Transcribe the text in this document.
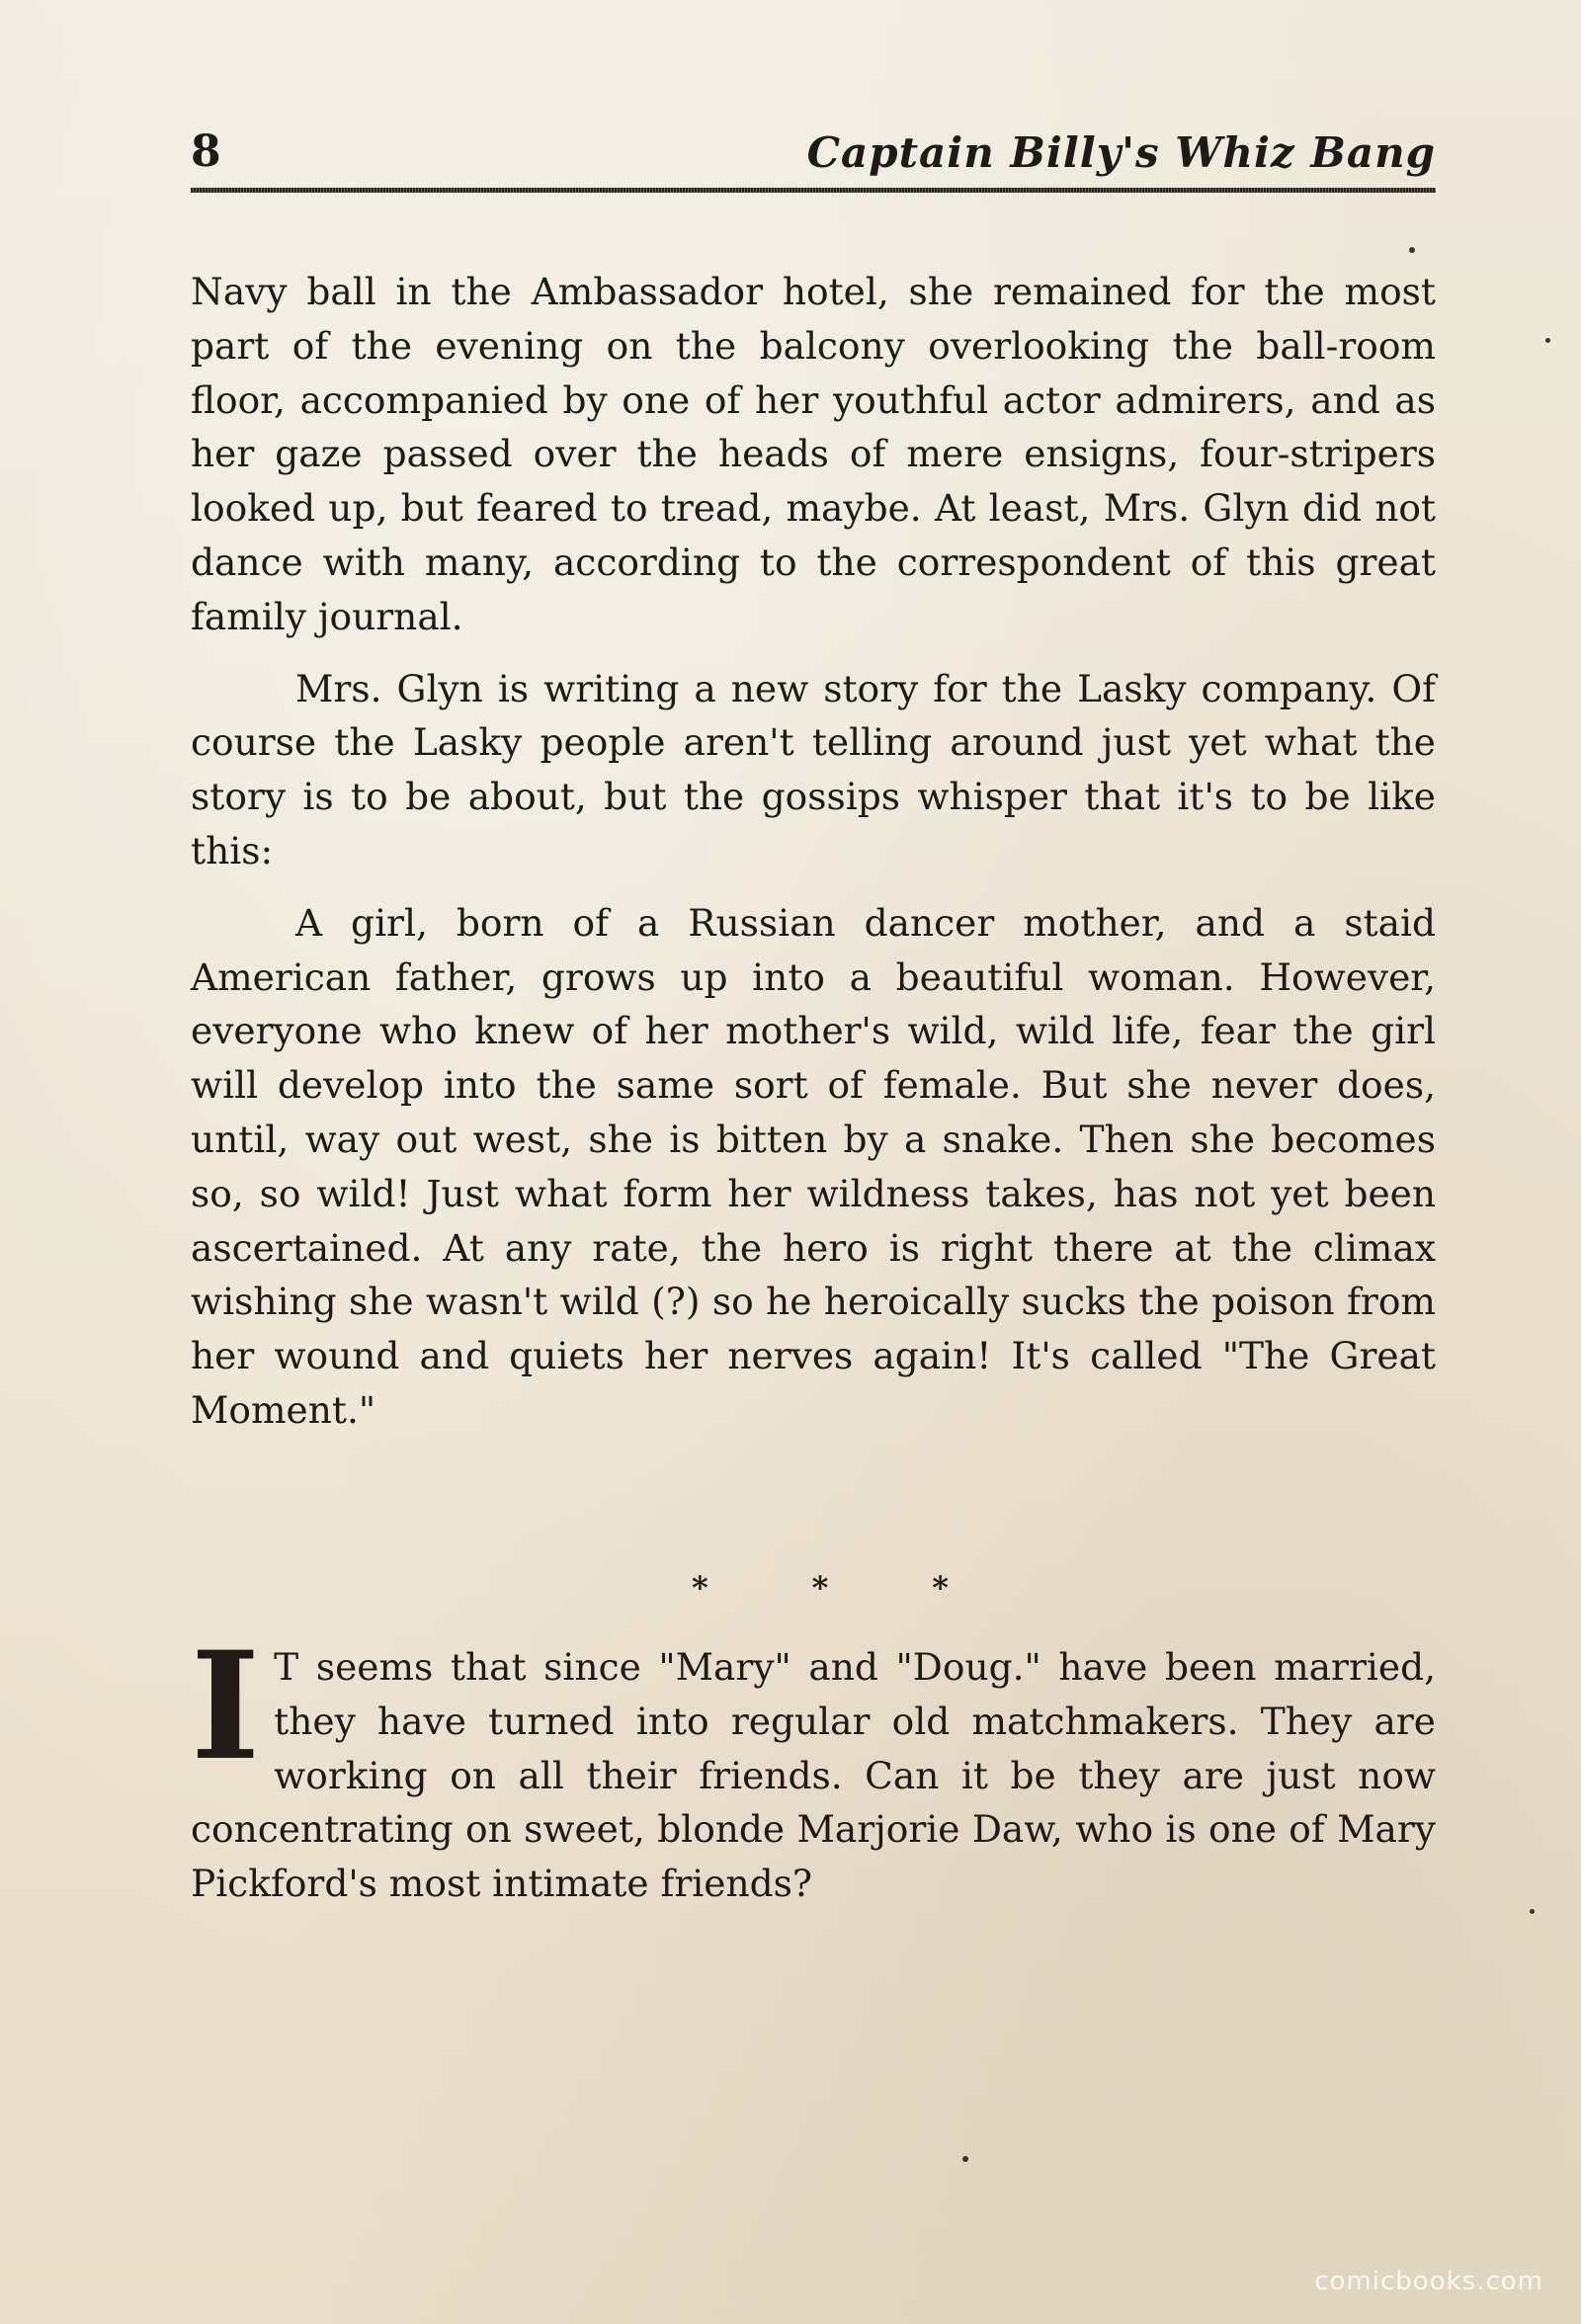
8	Captain Billy's Whiz Bang

Navy ball in the Ambassador hotel, she remained for the most part of the evening on the balcony overlooking the ball-room floor, accompanied by one of her youthful actor admirers, and as her gaze passed over the heads of mere ensigns, four-stripers looked up, but feared to tread, maybe. At least, Mrs. Glyn did not dance with many, according to the correspondent of this great family journal.

Mrs. Glyn is writing a new story for the Lasky company. Of course the Lasky people aren't telling around just yet what the story is to be about, but the gossips whisper that it's to be like this:

A girl, born of a Russian dancer mother, and a staid American father, grows up into a beautiful woman. However, everyone who knew of her mother's wild, wild life, fear the girl will develop into the same sort of female. But she never does, until, way out west, she is bitten by a snake. Then she becomes so, so wild! Just what form her wildness takes, has not yet been ascertained. At any rate, the hero is right there at the climax wishing she wasn't wild (?) so he heroically sucks the poison from her wound and quiets her nerves again! It's called "The Great Moment."

*	*	*
I T seems that since "Mary" and "Doug." have been married, they have turned into regular old matchmakers. They are working on all their friends. Can it be they are just now concentrating on sweet, blonde Marjorie Daw, who is one of Mary Pickford's most intimate friends?
comicbooks.com
